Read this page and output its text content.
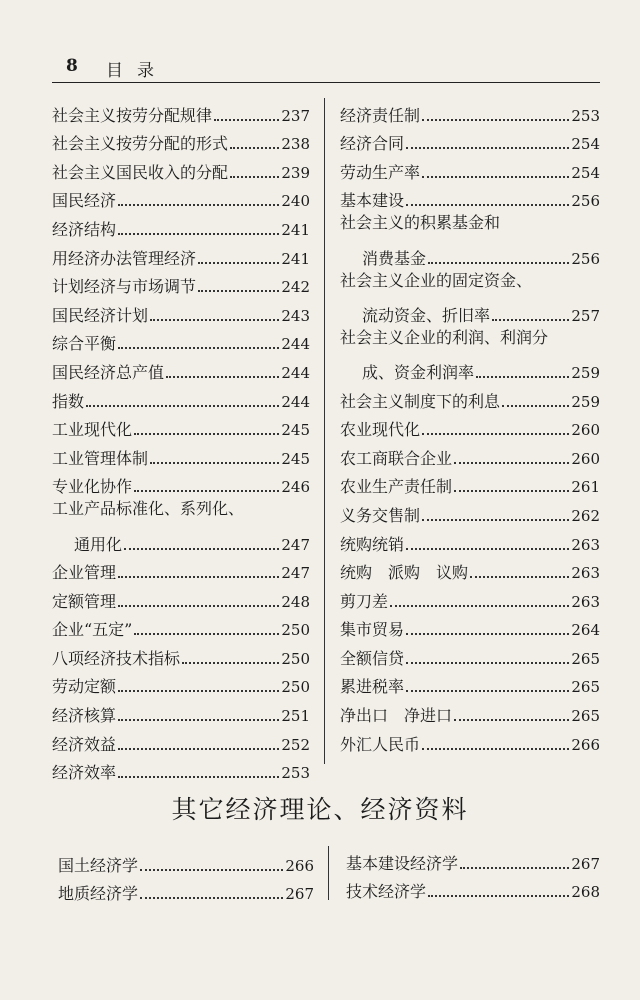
8 目录
社会主义按劳分配规律	237
社会主义按劳分配的形式	238
社会主义国民收入的分配	239
国民经济	240
经济结构	241
用经济办法管理经济	241
计划经济与市场调节	242
国民经济计划	243
综合平衡	244
国民经济总产值	244
指数	244
工业现代化	245
工业管理体制	245
专业化协作	246
工业产品标准化、系列化、
通用化	247
企业管理	247
定额管理	248
企业“五定”	250
八项经济技术指标	250
劳动定额	250
经济核算	251
经济效益	252
经济效率	253
经济责任制	253
经济合同	254
劳动生产率	254
基本建设	256
社会主义的积累基金和
消费基金	256
社会主义企业的固定资金、
流动资金、折旧率	257
社会主义企业的利润、利润分
成、资金利润率	259
社会主义制度下的利息	259
农业现代化	260
农工商联合企业	260
农业生产责任制	261
义务交售制	262
统购统销	263
统购　派购　议购	263
剪刀差	263
集市贸易	264
全额信贷	265
累进税率	265
净出口　净进口	265
外汇人民币	266
其它经济理论、经济资料
国土经济学	266
地质经济学	267
基本建设经济学	267
技术经济学	268
